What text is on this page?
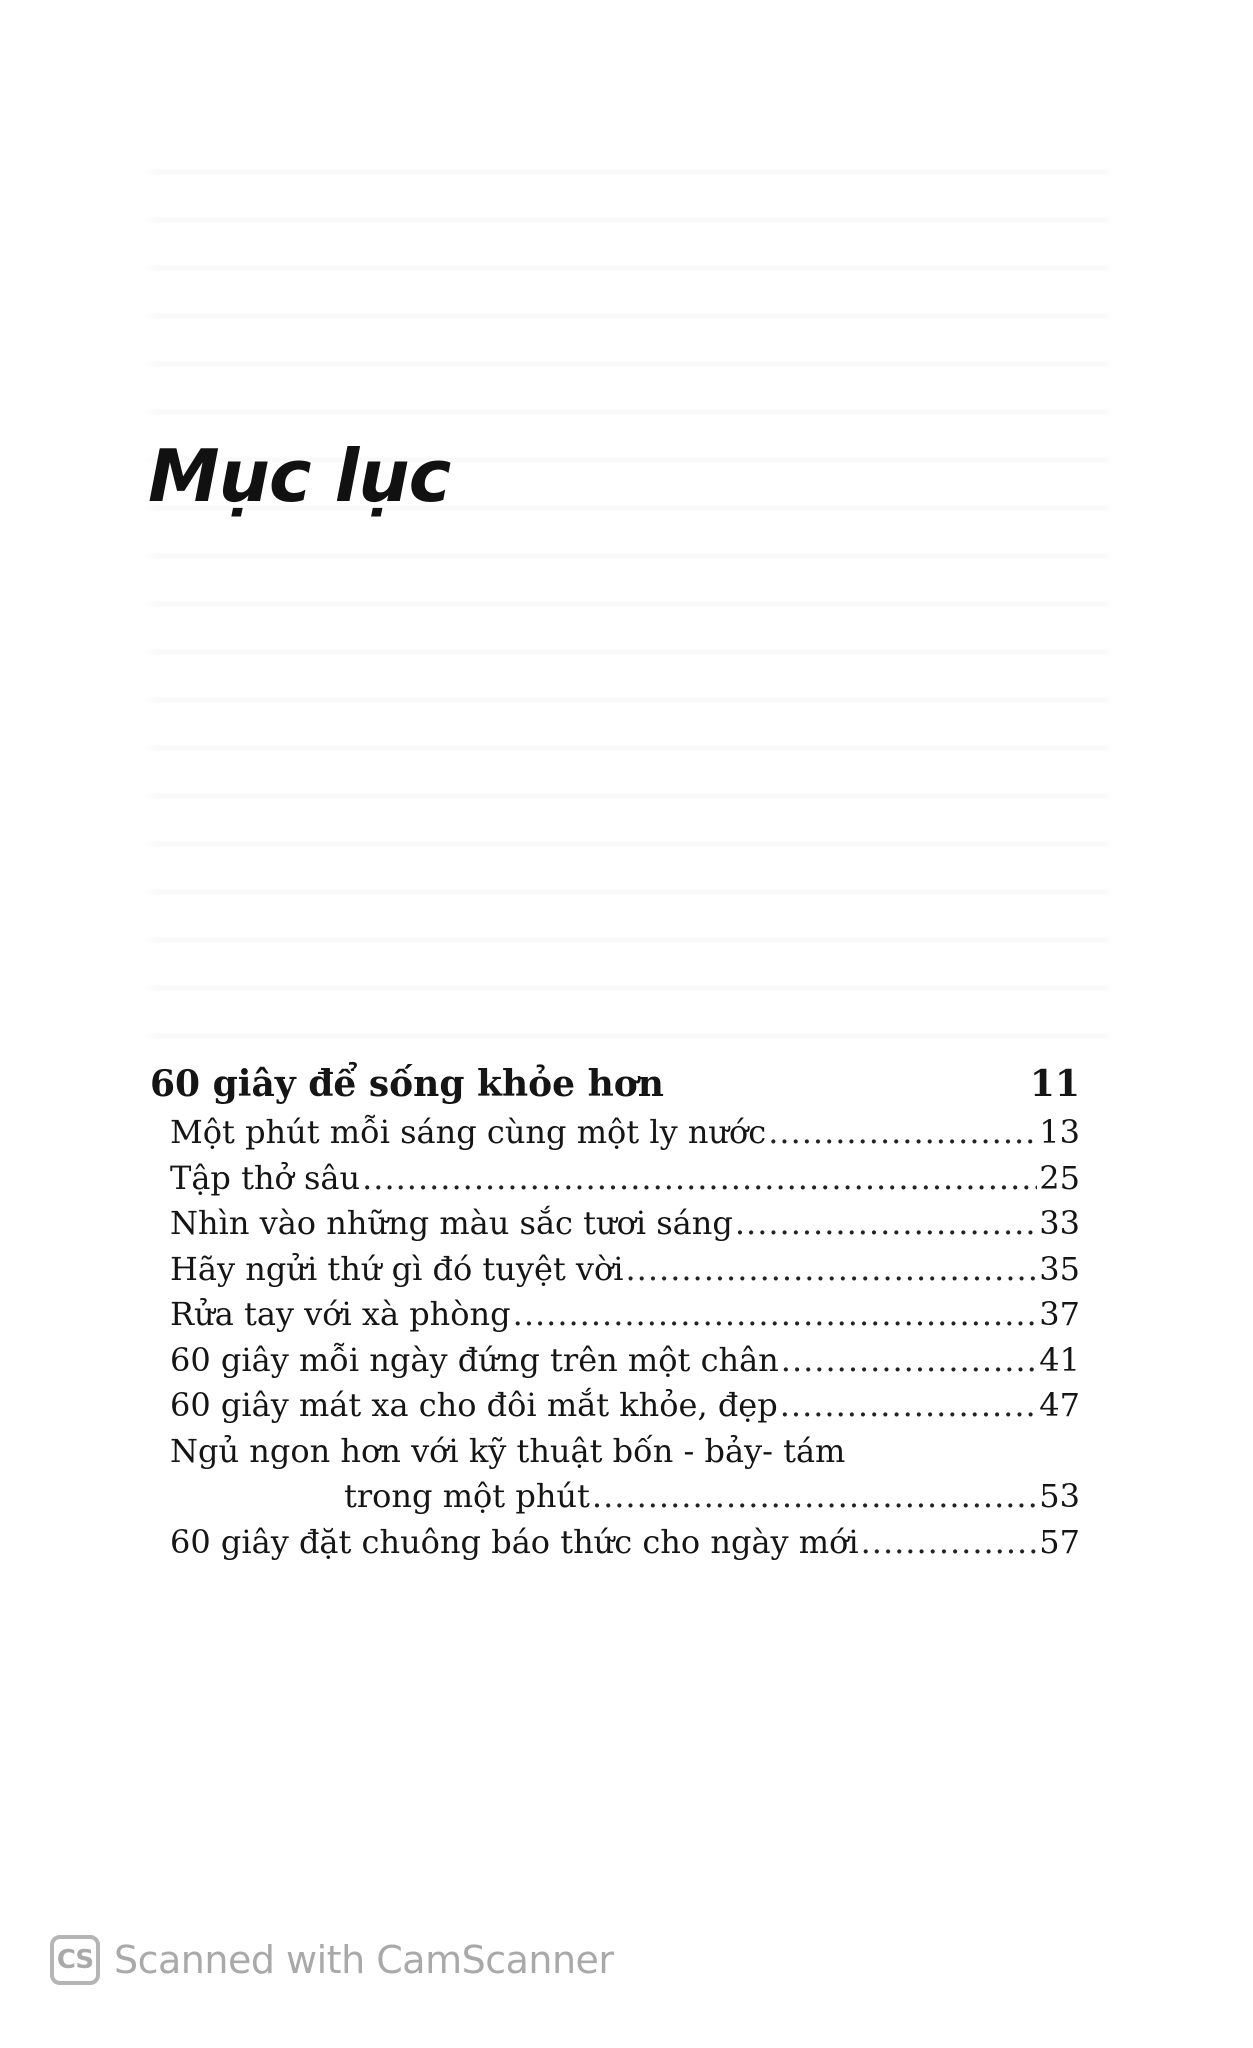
Mục lục
60 giây để sống khỏe hơn	11
Một phút mỗi sáng cùng một ly nước .....	13
Tập thở sâu .....	25
Nhìn vào những màu sắc tươi sáng .....	33
Hãy ngửi thứ gì đó tuyệt vời .....	35
Rửa tay với xà phòng .....	37
60 giây mỗi ngày đứng trên một chân .....	41
60 giây mát xa cho đôi mắt khỏe, đẹp .....	47
Ngủ ngon hơn với kỹ thuật bốn - bảy- tám
trong một phút .....	53
60 giây đặt chuông báo thức cho ngày mới .....	57
CS Scanned with CamScanner
